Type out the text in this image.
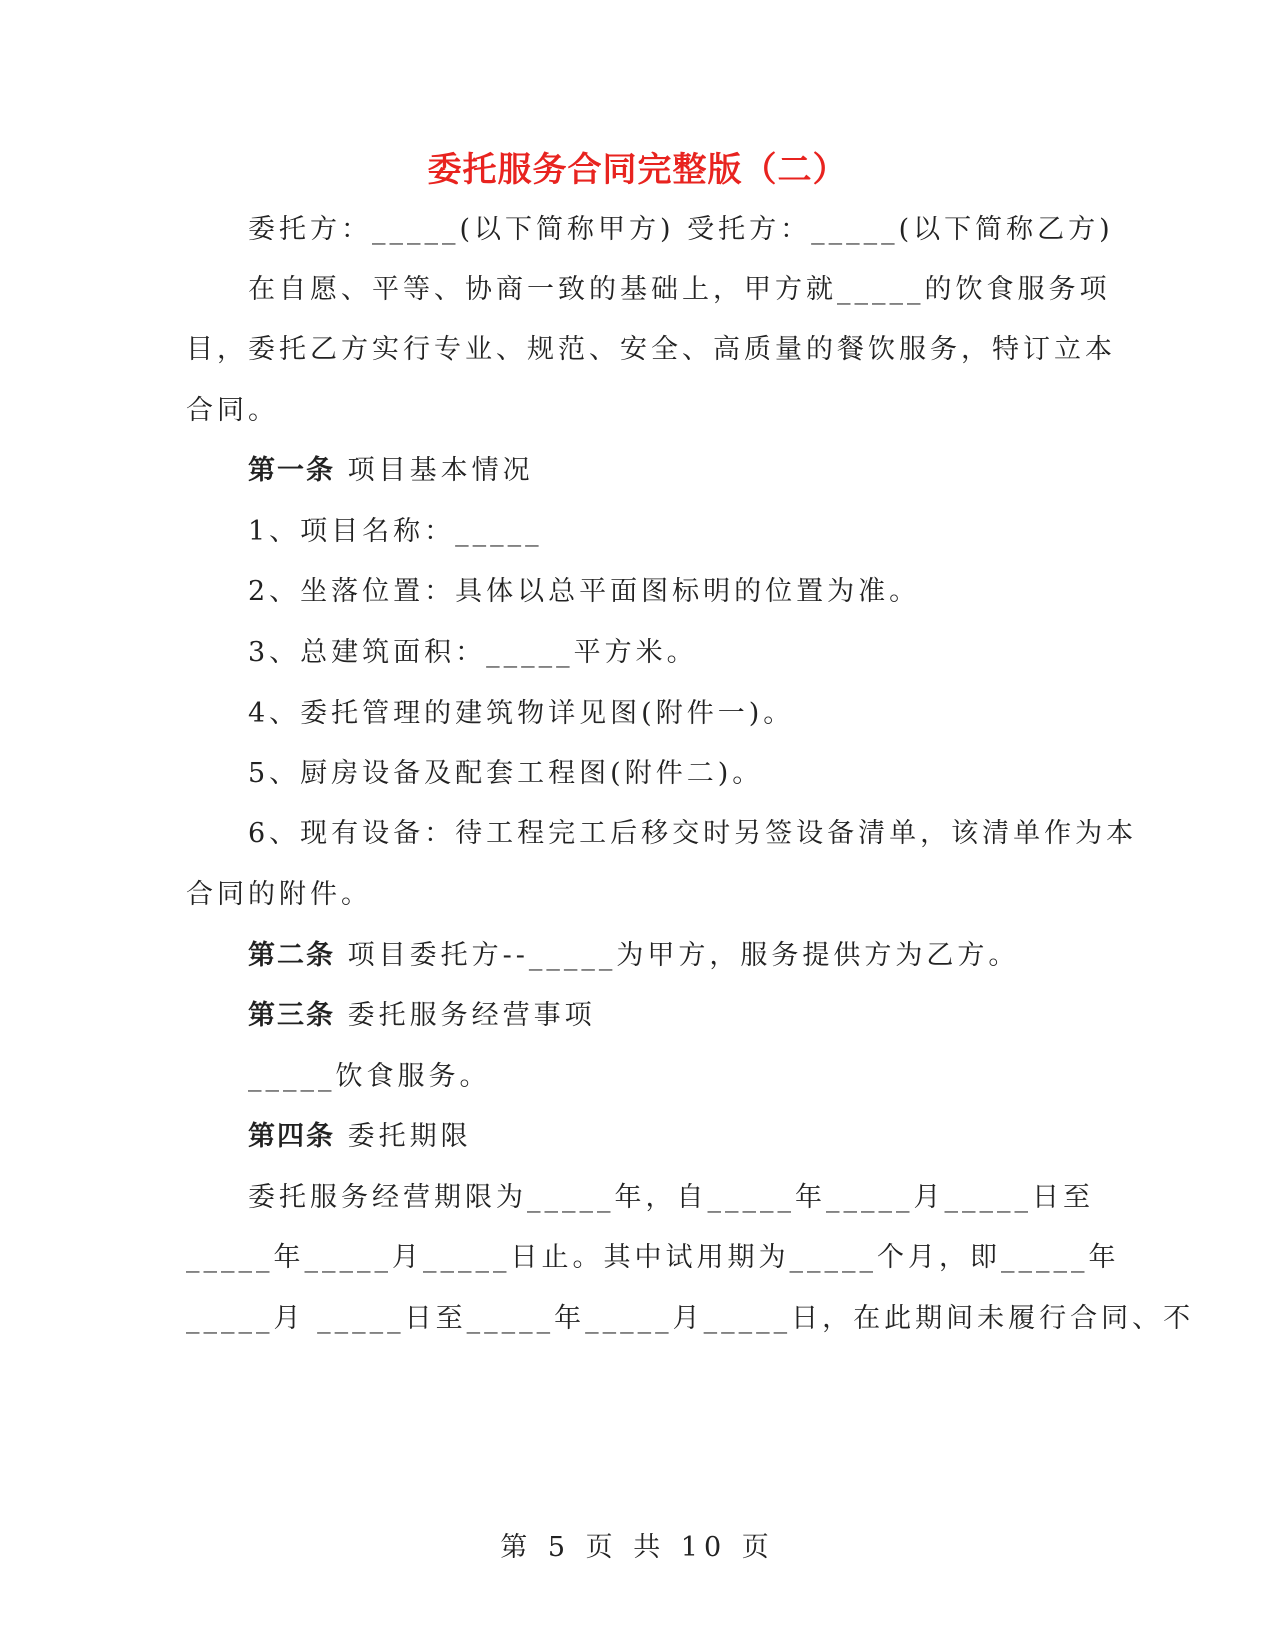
委托服务合同完整版（二）
委托方：_____(以下简称甲方) 受托方：_____(以下简称乙方)
在自愿、平等、协商一致的基础上，甲方就_____的饮食服务项
目，委托乙方实行专业、规范、安全、高质量的餐饮服务，特订立本
合同。
第一条 项目基本情况
1、项目名称：_____
2、坐落位置：具体以总平面图标明的位置为准。
3、总建筑面积：_____平方米。
4、委托管理的建筑物详见图(附件一)。
5、厨房设备及配套工程图(附件二)。
6、现有设备：待工程完工后移交时另签设备清单，该清单作为本
合同的附件。
第二条 项目委托方--_____为甲方，服务提供方为乙方。
第三条 委托服务经营事项
_____饮食服务。
第四条 委托期限
委托服务经营期限为_____年，自_____年_____月_____日至
_____年_____月_____日止。其中试用期为_____个月，即_____年
_____月 _____日至_____年_____月_____日，在此期间未履行合同、不
第 5 页 共 10 页
